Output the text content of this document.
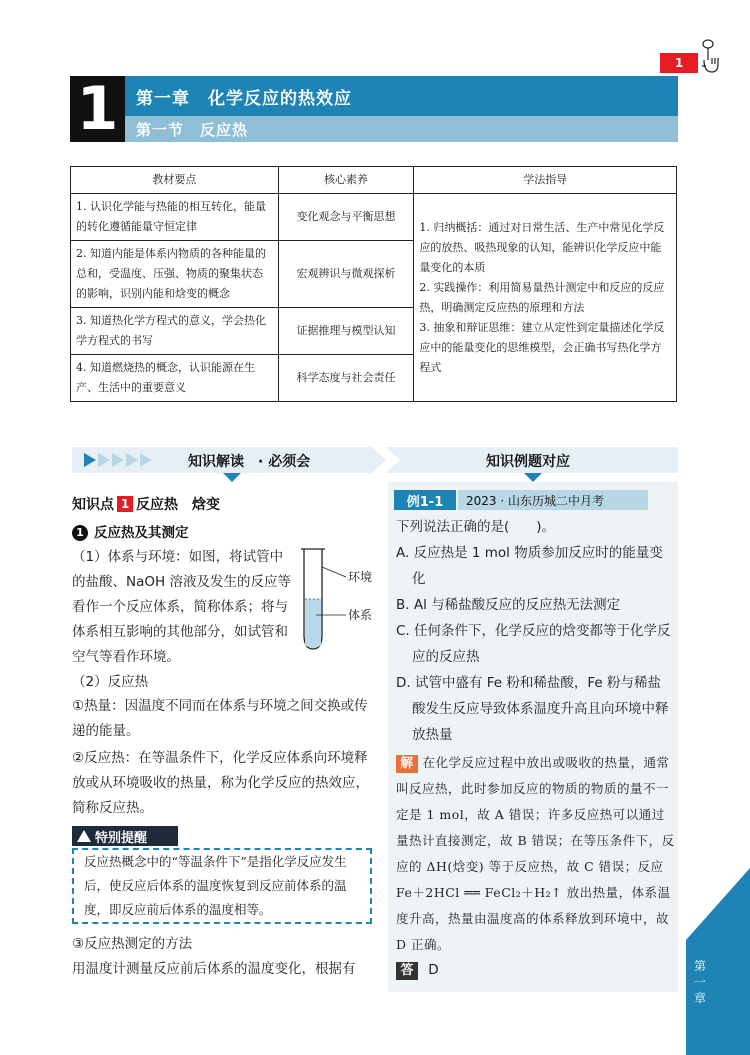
1
1	第一章　化学反应的热效应
第一节　反应热
教材要点	核心素养	学法指导
1. 认识化学能与热能的相互转化，能量的转化遵循能量守恒定律	变化观念与平衡思想	1. 归纳概括：通过对日常生活、生产中常见化学反应的放热、吸热现象的认知，能辨识化学反应中能量变化的本质
2. 实践操作：利用简易量热计测定中和反应的反应热，明确测定反应热的原理和方法
3. 抽象和辩证思维：建立从定性到定量描述化学反应中的能量变化的思维模型，会正确书写热化学方程式

2. 知道内能是体系内物质的各种能量的总和，受温度、压强、物质的聚集状态的影响，识别内能和焓变的概念	宏观辨识与微观探析	
3. 知道热化学方程式的意义，学会热化学方程式的书写	证据推理与模型认知	
4. 知道燃烧热的概念，认识能源在生产、生活中的重要意义	科学态度与社会责任	
知识解读　· 必须会	知识例题对应
知识点 1 反应热　焓变
1 反应热及其测定
（1）体系与环境：如图，将试管中的盐酸、NaOH 溶液及发生的反应等看作一个反应体系，简称体系；将与体系相互影响的其他部分，如试管和空气等看作环境。
环境
体系
（2）反应热
①热量：因温度不同而在体系与环境之间交换或传递的能量。
②反应热：在等温条件下，化学反应体系向环境释放或从环境吸收的热量，称为化学反应的热效应，简称反应热。
特别提醒
反应热概念中的“等温条件下”是指化学反应发生后，使反应后体系的温度恢复到反应前体系的温度，即反应前后体系的温度相等。
③反应热测定的方法
用温度计测量反应前后体系的温度变化，根据有
例1-1	2023 · 山东历城二中月考
下列说法正确的是(　　)。
A. 反应热是 1 mol 物质参加反应时的能量变化
B. Al 与稀盐酸反应的反应热无法测定
C. 任何条件下，化学反应的焓变都等于化学反应的反应热
D. 试管中盛有 Fe 粉和稀盐酸，Fe 粉与稀盐酸发生反应导致体系温度升高且向环境中释放热量
解 在化学反应过程中放出或吸收的热量，通常叫反应热，此时参加反应的物质的物质的量不一定是 1 mol，故 A 错误；许多反应热可以通过量热计直接测定，故 B 错误；在等压条件下，反应的 ΔH(焓变) 等于反应热，故 C 错误；反应 Fe＋2HCl ══ FeCl₂＋H₂↑ 放出热量，体系温度升高，热量由温度高的体系释放到环境中，故 D 正确。
答 D	第一章
